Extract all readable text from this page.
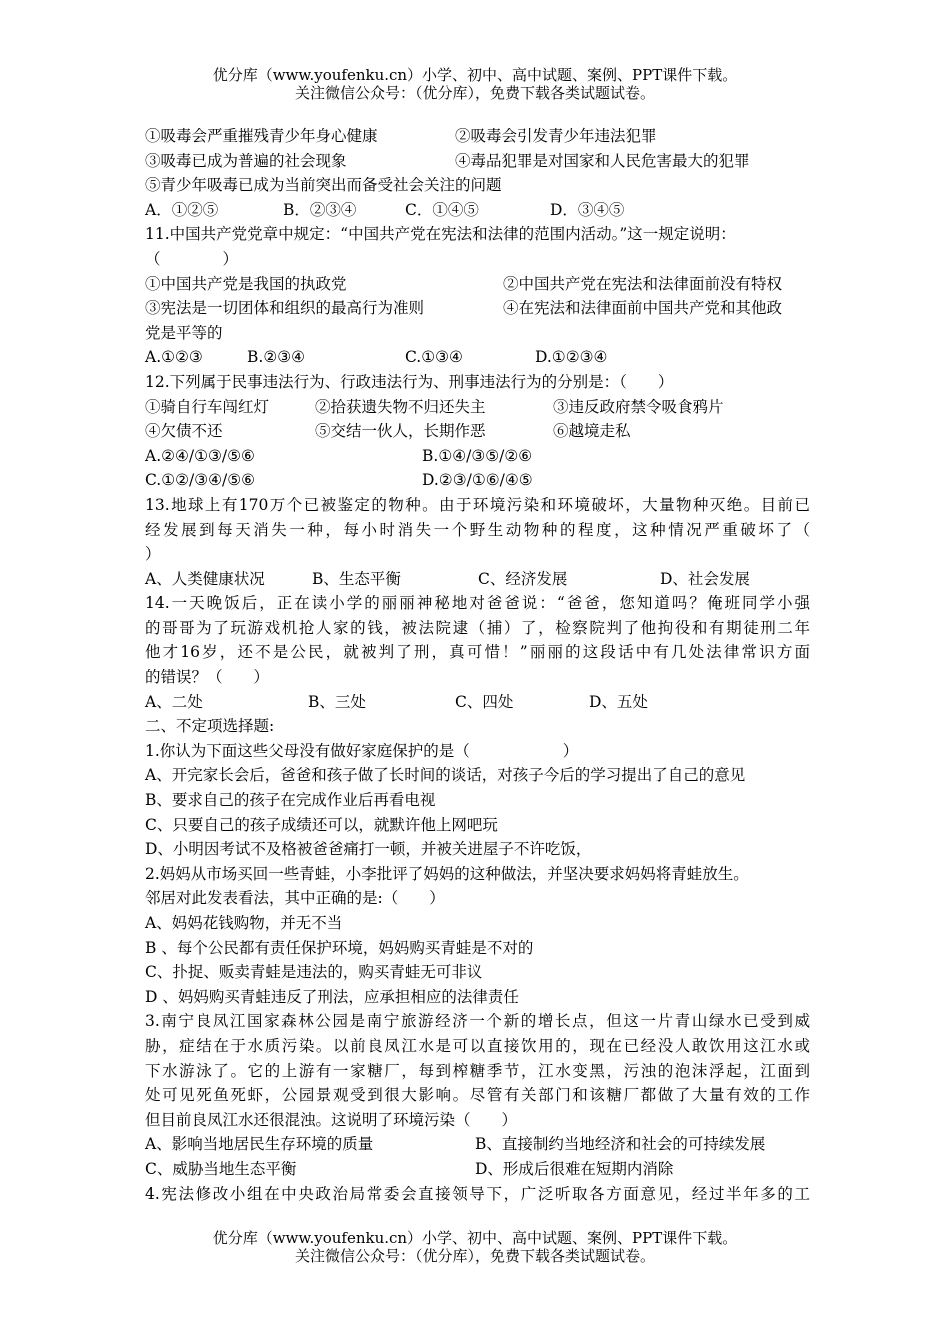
优分库（www.youfenku.cn）小学、初中、高中试题、案例、PPT课件下载。
关注微信公众号：（优分库），免费下载各类试题试卷。
①吸毒会严重摧残青少年身心健康	②吸毒会引发青少年违法犯罪
③吸毒已成为普遍的社会现象	④毒品犯罪是对国家和人民危害最大的犯罪
⑤青少年吸毒已成为当前突出而备受社会关注的问题
A．①②⑤	B．②③④	C．①④⑤	D．③④⑤
11.中国共产党党章中规定：“中国共产党在宪法和法律的范围内活动。”这一规定说明：
（　　　　）
①中国共产党是我国的执政党	②中国共产党在宪法和法律面前没有特权
③宪法是一切团体和组织的最高行为准则	④在宪法和法律面前中国共产党和其他政
党是平等的
A.①②③	B.②③④	C.①③④	D.①②③④
12.下列属于民事违法行为、行政违法行为、刑事违法行为的分别是：（　　）
①骑自行车闯红灯	②拾获遗失物不归还失主	③违反政府禁令吸食鸦片
④欠债不还	⑤交结一伙人，长期作恶	⑥越境走私
A.②④/①③/⑤⑥	B.①④/③⑤/②⑥
C.①②/③④/⑤⑥	D.②③/①⑥/④⑤
13.地球上有170万个已被鉴定的物种。由于环境污染和环境破坏，大量物种灭绝。目前已
经发展到每天消失一种，每小时消失一个野生动物种的程度，这种情况严重破坏了（
）
A、人类健康状况	B、生态平衡	C、经济发展	D、社会发展
14.一天晚饭后，正在读小学的丽丽神秘地对爸爸说：“爸爸，您知道吗？俺班同学小强
的哥哥为了玩游戏机抢人家的钱，被法院逮（捕）了，检察院判了他拘役和有期徒刑二年
他才16岁，还不是公民，就被判了刑，真可惜！”丽丽的这段话中有几处法律常识方面
的错误？（　　）
A、二处	B、三处	C、四处	D、五处
二、不定项选择题:
1.你认为下面这些父母没有做好家庭保护的是（　　　　　　）
A、开完家长会后，爸爸和孩子做了长时间的谈话，对孩子今后的学习提出了自己的意见
B、要求自己的孩子在完成作业后再看电视
C、只要自己的孩子成绩还可以，就默许他上网吧玩
D、小明因考试不及格被爸爸痛打一顿，并被关进屋子不许吃饭，
2.妈妈从市场买回一些青蛙，小李批评了妈妈的这种做法，并坚决要求妈妈将青蛙放生。
邻居对此发表看法，其中正确的是:（　　）
A、妈妈花钱购物，并无不当
B 、每个公民都有责任保护环境，妈妈购买青蛙是不对的
C、扑捉、贩卖青蛙是违法的，购买青蛙无可非议
D 、妈妈购买青蛙违反了刑法，应承担相应的法律责任
3.南宁良凤江国家森林公园是南宁旅游经济一个新的增长点，但这一片青山绿水已受到威
胁，症结在于水质污染。以前良凤江水是可以直接饮用的，现在已经没人敢饮用这江水或
下水游泳了。它的上游有一家糖厂，每到榨糖季节，江水变黑，污浊的泡沫浮起，江面到
处可见死鱼死虾，公园景观受到很大影响。尽管有关部门和该糖厂都做了大量有效的工作
但目前良凤江水还很混浊。这说明了环境污染（　　）
A、影响当地居民生存环境的质量	B、直接制约当地经济和社会的可持续发展
C、威胁当地生态平衡	D、形成后很难在短期内消除
4.宪法修改小组在中央政治局常委会直接领导下，广泛听取各方面意见，经过半年多的工
优分库（www.youfenku.cn）小学、初中、高中试题、案例、PPT课件下载。
关注微信公众号：（优分库），免费下载各类试题试卷。
